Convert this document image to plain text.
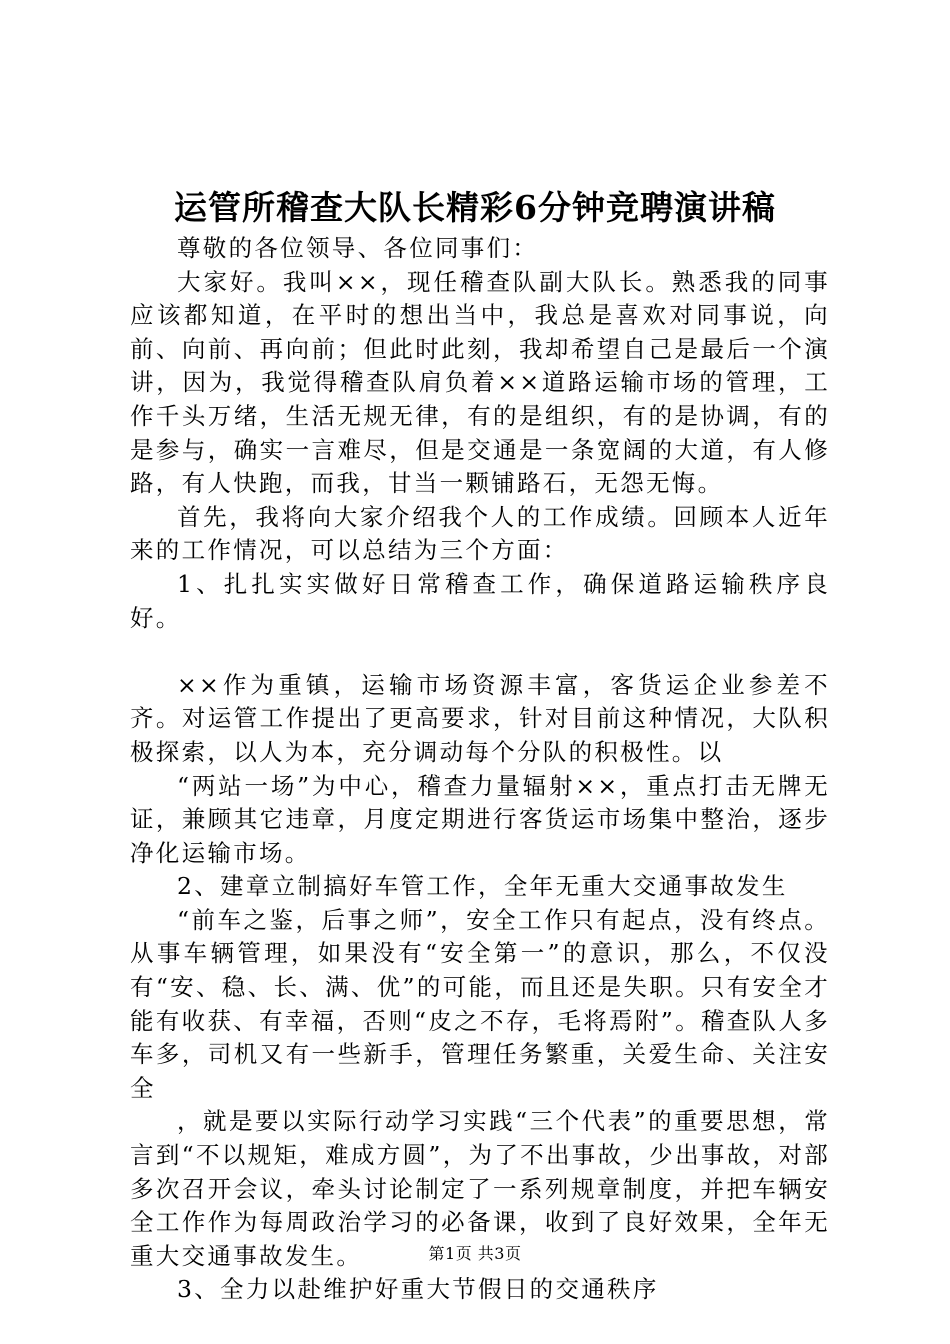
运管所稽查大队长精彩6分钟竞聘演讲稿

尊敬的各位领导、各位同事们：

大家好。我叫××，现任稽查队副大队长。熟悉我的同事应该都知道，在平时的想出当中，我总是喜欢对同事说，向前、向前、再向前；但此时此刻，我却希望自己是最后一个演讲，因为，我觉得稽查队肩负着××道路运输市场的管理，工作千头万绪，生活无规无律，有的是组织，有的是协调，有的是参与，确实一言难尽，但是交通是一条宽阔的大道，有人修路，有人快跑，而我，甘当一颗铺路石，无怨无悔。

首先，我将向大家介绍我个人的工作成绩。回顾本人近年来的工作情况，可以总结为三个方面：

1、扎扎实实做好日常稽查工作，确保道路运输秩序良好。

××作为重镇，运输市场资源丰富，客货运企业参差不齐。对运管工作提出了更高要求，针对目前这种情况，大队积极探索，以人为本，充分调动每个分队的积极性。以

“两站一场”为中心，稽查力量辐射××，重点打击无牌无证，兼顾其它违章，月度定期进行客货运市场集中整治，逐步净化运输市场。

2、建章立制搞好车管工作，全年无重大交通事故发生

“前车之鉴，后事之师”，安全工作只有起点，没有终点。从事车辆管理，如果没有“安全第一”的意识，那么，不仅没有“安、稳、长、满、优”的可能，而且还是失职。只有安全才能有收获、有幸福，否则“皮之不存，毛将焉附”。稽查队人多车多，司机又有一些新手，管理任务繁重，关爱生命、关注安全

，就是要以实际行动学习实践“三个代表”的重要思想，常言到“不以规矩，难成方圆”，为了不出事故，少出事故，对部多次召开会议，牵头讨论制定了一系列规章制度，并把车辆安全工作作为每周政治学习的必备课，收到了良好效果，全年无重大交通事故发生。

3、全力以赴维护好重大节假日的交通秩序

第1页 共3页
